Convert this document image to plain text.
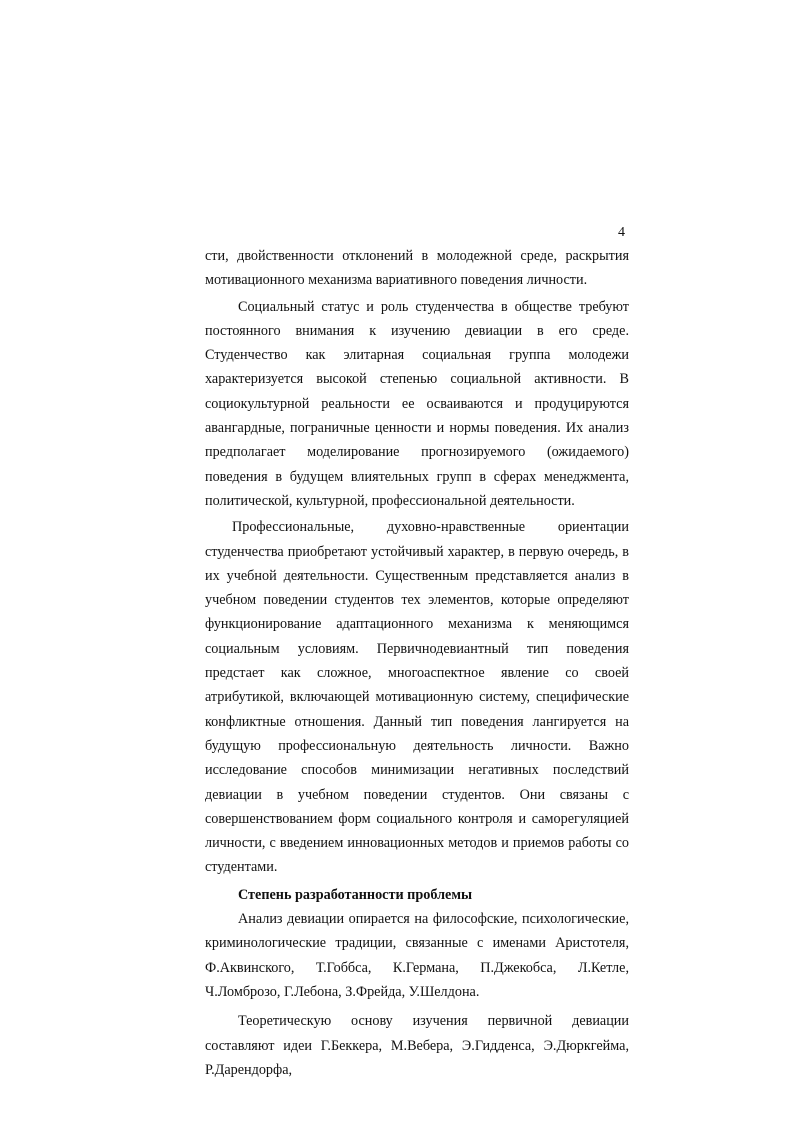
4

сти, двойственности отклонений в молодежной среде, раскрытия мотивационного механизма вариативного поведения личности.

Социальный статус и роль студенчества в обществе требуют постоянного внимания к изучению девиации в его среде. Студенчество как элитарная социальная группа молодежи характеризуется высокой степенью социальной активности. В социокультурной реальности ее осваиваются и продуцируются авангардные, пограничные ценности и нормы поведения. Их анализ предполагает моделирование прогнозируемого (ожидаемого) поведения в будущем влиятельных групп в сферах менеджмента, политической, культурной, профессиональной деятельности.

Профессиональные, духовно-нравственные ориентации студенчества приобретают устойчивый характер, в первую очередь, в их учебной деятельности. Существенным представляется анализ в учебном поведении студентов тех элементов, которые определяют функционирование адаптационного механизма к меняющимся социальным условиям. Первичнодевиантный тип поведения предстает как сложное, многоаспектное явление со своей атрибутикой, включающей мотивационную систему, специфические конфликтные отношения. Данный тип поведения лангируется на будущую профессиональную деятельность личности. Важно исследование способов минимизации негативных последствий девиации в учебном поведении студентов. Они связаны с совершенствованием форм социального контроля и саморегуляцией личности, с введением инновационных методов и приемов работы со студентами.

Степень разработанности проблемы

Анализ девиации опирается на философские, психологические, криминологические традиции, связанные с именами Аристотеля, Ф.Аквинского, Т.Гоббса, К.Германа, П.Джекобса, Л.Кетле, Ч.Ломброзо, Г.Лебона, З.Фрейда, У.Шелдона.

Теоретическую основу изучения первичной девиации составляют идеи Г.Беккера, М.Вебера, Э.Гидденса, Э.Дюркгейма, Р.Дарендорфа,
